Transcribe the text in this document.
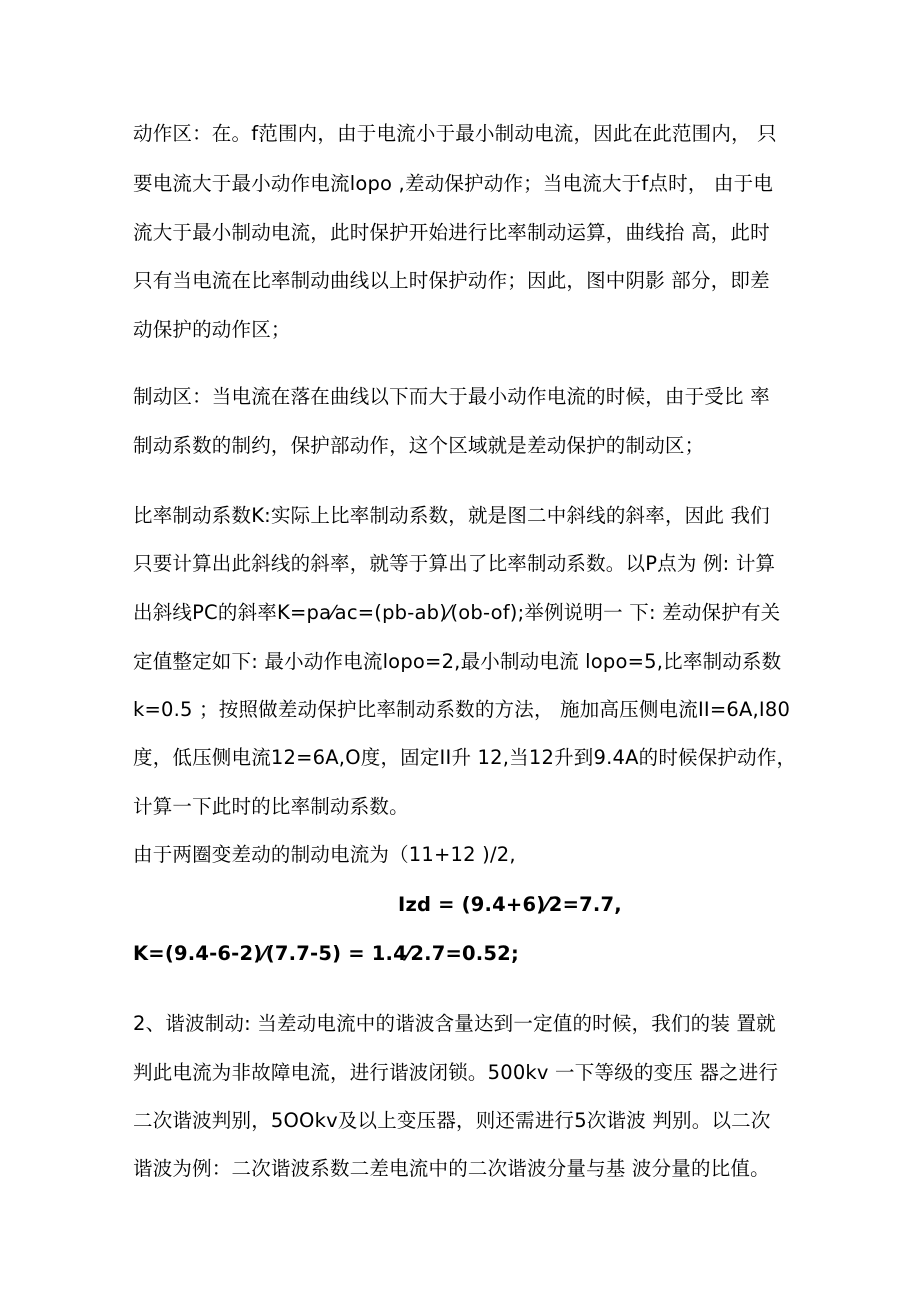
动作区：在。f范围内，由于电流小于最小制动电流，因此在此范围内， 只
要电流大于最小动作电流lopo ,差动保护动作；当电流大于f点时， 由于电
流大于最小制动电流，此时保护开始进行比率制动运算，曲线抬 高，此时
只有当电流在比率制动曲线以上时保护动作；因此，图中阴影 部分，即差
动保护的动作区；
制动区：当电流在落在曲线以下而大于最小动作电流的时候，由于受比 率
制动系数的制约，保护部动作，这个区域就是差动保护的制动区；
比率制动系数K:实际上比率制动系数，就是图二中斜线的斜率，因此 我们
只要计算出此斜线的斜率，就等于算出了比率制动系数。以P点为 例: 计算
出斜线PC的斜率K=pa⁄ac=(pb-ab)⁄(ob-of);举例说明一 下: 差动保护有关
定值整定如下: 最小动作电流lopo=2,最小制动电流 lopo=5,比率制动系数
k=0.5 ；按照做差动保护比率制动系数的方法， 施加高压侧电流II=6A,I80
度，低压侧电流12=6A,O度，固定II升 12,当12升到9.4A的时候保护动作，
计算一下此时的比率制动系数。
由于两圈变差动的制动电流为（11+12 )/2,
Izd = (9.4+6)⁄2=7.7,
K=(9.4-6-2)⁄(7.7-5) = 1.4⁄2.7=0.52;
2、谐波制动: 当差动电流中的谐波含量达到一定值的时候，我们的装 置就
判此电流为非故障电流，进行谐波闭锁。500kv 一下等级的变压 器之进行
二次谐波判别，5OOkv及以上变压器，则还需进行5次谐波 判别。以二次
谐波为例：二次谐波系数二差电流中的二次谐波分量与基 波分量的比值。
